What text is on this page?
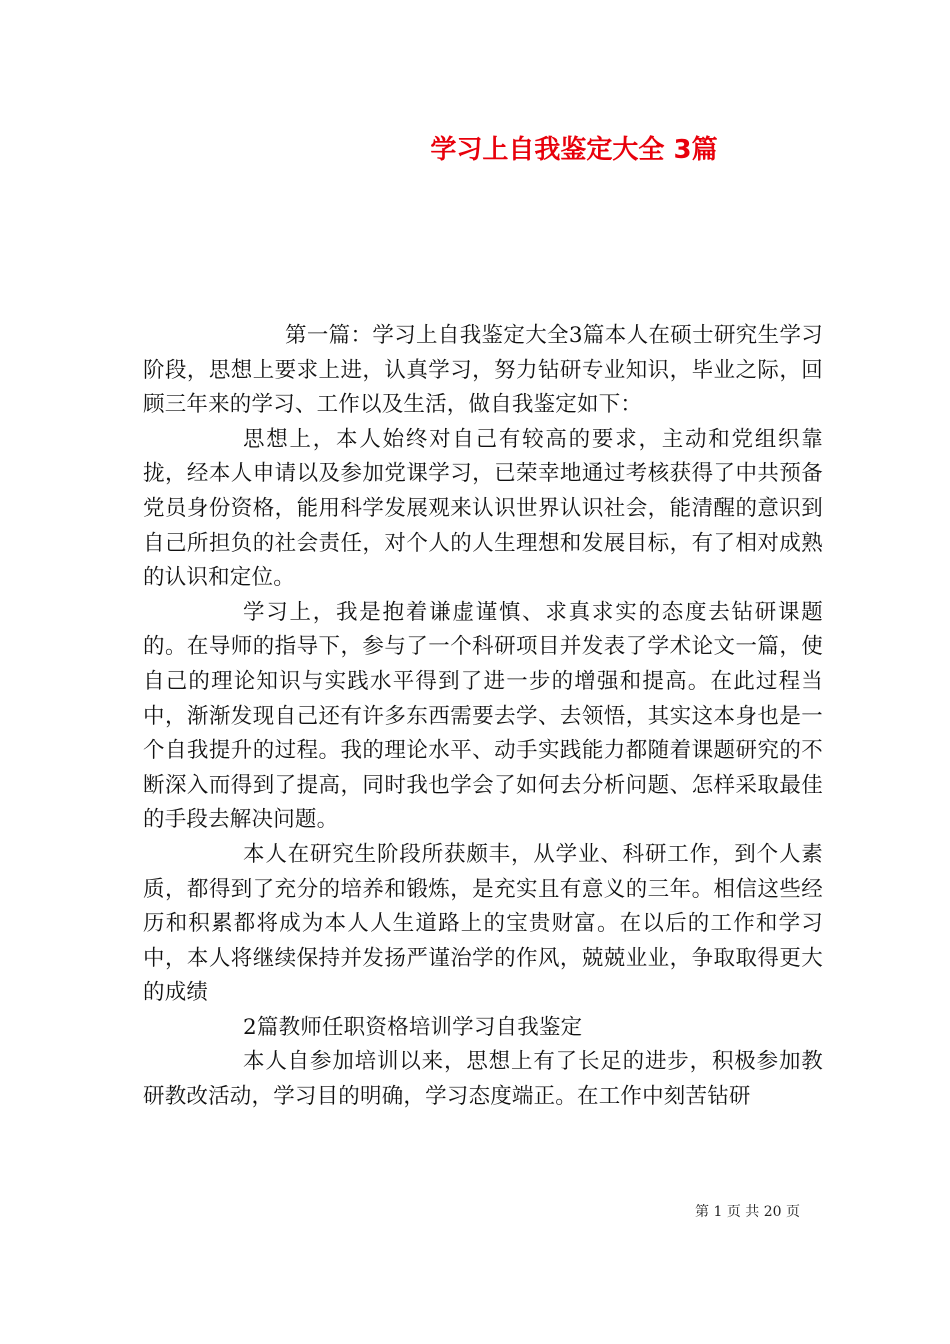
学习上自我鉴定大全 3篇

第一篇：学习上自我鉴定大全3篇本人在硕士研究生学习阶段，思想上要求上进，认真学习，努力钻研专业知识，毕业之际，回顾三年来的学习、工作以及生活，做自我鉴定如下：

思想上，本人始终对自己有较高的要求，主动和党组织靠拢，经本人申请以及参加党课学习，已荣幸地通过考核获得了中共预备党员身份资格，能用科学发展观来认识世界认识社会，能清醒的意识到自己所担负的社会责任，对个人的人生理想和发展目标，有了相对成熟的认识和定位。

学习上，我是抱着谦虚谨慎、求真求实的态度去钻研课题的。在导师的指导下，参与了一个科研项目并发表了学术论文一篇，使自己的理论知识与实践水平得到了进一步的增强和提高。在此过程当中，渐渐发现自己还有许多东西需要去学、去领悟，其实这本身也是一个自我提升的过程。我的理论水平、动手实践能力都随着课题研究的不断深入而得到了提高，同时我也学会了如何去分析问题、怎样采取最佳的手段去解决问题。

本人在研究生阶段所获颇丰，从学业、科研工作，到个人素质，都得到了充分的培养和锻炼，是充实且有意义的三年。相信这些经历和积累都将成为本人人生道路上的宝贵财富。在以后的工作和学习中，本人将继续保持并发扬严谨治学的作风，兢兢业业，争取取得更大的成绩

2篇教师任职资格培训学习自我鉴定

本人自参加培训以来，思想上有了长足的进步，积极参加教研教改活动，学习目的明确，学习态度端正。在工作中刻苦钻研

第 1 页 共 20 页
